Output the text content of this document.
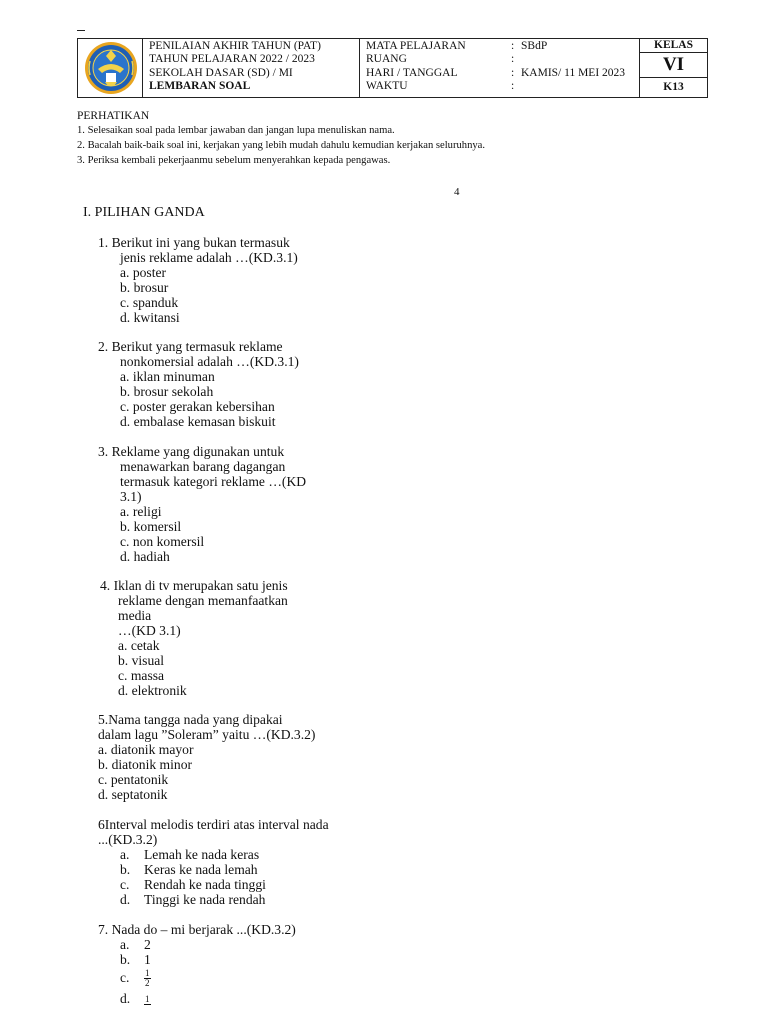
PENILAIAN AKHIR TAHUN (PAT)
TAHUN PELAJARAN 2022 / 2023
SEKOLAH DASAR (SD) / MI
LEMBARAN SOAL
MATA PELAJARAN
RUANG
HARI / TANGGAL
WAKTU
:
:
:
:
SBdP
KAMIS/ 11 MEI 2023
KELAS
VI
K13
PERHATIKAN
1. Selesaikan soal pada lembar jawaban dan jangan lupa menuliskan nama.
2. Bacalah baik-baik soal ini, kerjakan yang lebih mudah dahulu kemudian kerjakan seluruhnya.
3. Periksa kembali pekerjaanmu sebelum menyerahkan kepada pengawas.
4
I. PILIHAN GANDA
1. Berikut ini yang bukan termasuk
jenis reklame adalah …(KD.3.1)
a. poster
b. brosur
c. spanduk
d. kwitansi
2. Berikut yang termasuk reklame
nonkomersial adalah …(KD.3.1)
a. iklan minuman
b. brosur sekolah
c. poster gerakan kebersihan
d. embalase kemasan biskuit
3. Reklame yang digunakan untuk
menawarkan barang dagangan
termasuk kategori reklame …(KD
3.1)
a. religi
b. komersil
c. non komersil
d. hadiah
4. Iklan di tv merupakan satu jenis
reklame dengan memanfaatkan
media
…(KD 3.1)
a. cetak
b. visual
c. massa
d. elektronik
5.Nama tangga nada yang dipakai
dalam lagu ”Soleram” yaitu …(KD.3.2)
a. diatonik mayor
b. diatonik minor
c. pentatonik
d. septatonik
6Interval melodis terdiri atas interval nada
...(KD.3.2)
a. Lemah ke nada keras
b. Keras ke nada lemah
c. Rendah ke nada tinggi
d. Tinggi ke nada rendah
7. Nada do – mi berjarak ...(KD.3.2)
a. 2
b. 1
c. $\frac{1}{2}$
d. 1
